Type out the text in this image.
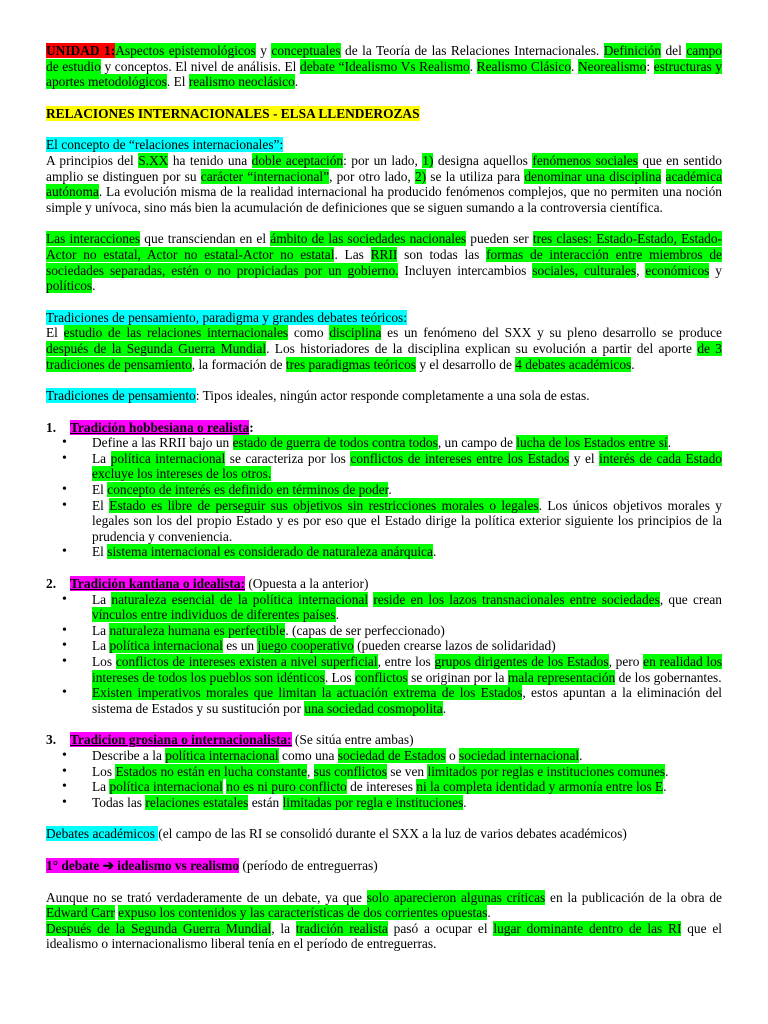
UNIDAD 1:Aspectos epistemológicos y conceptuales de la Teoría de las Relaciones Internacionales. Definición del campo de estudio y conceptos. El nivel de análisis. El debate “Idealismo Vs Realismo. Realismo Clásico. Neorealismo: estructuras y aportes metodológicos. El realismo neoclásico.

RELACIONES INTERNACIONALES - ELSA LLENDEROZAS

El concepto de “relaciones internacionales”:

A principios del S.XX ha tenido una doble aceptación: por un lado, 1) designa aquellos fenómenos sociales que en sentido amplio se distinguen por su carácter “internacional”, por otro lado, 2) se la utiliza para denominar una disciplina académica autónoma. La evolución misma de la realidad internacional ha producido fenómenos complejos, que no permiten una noción simple y unívoca, sino más bien la acumulación de definiciones que se siguen sumando a la controversia científica.

Las interacciones que transciendan en el ámbito de las sociedades nacionales pueden ser tres clases: Estado-Estado, Estado-Actor no estatal, Actor no estatal-Actor no estatal. Las RRII son todas las formas de interacción entre miembros de sociedades separadas, estén o no propiciadas por un gobierno. Incluyen intercambios sociales, culturales, económicos y políticos.

Tradiciones de pensamiento, paradigma y grandes debates teóricos:

El estudio de las relaciones internacionales como disciplina es un fenómeno del SXX y su pleno desarrollo se produce después de la Segunda Guerra Mundial. Los historiadores de la disciplina explican su evolución a partir del aporte de 3 tradiciones de pensamiento, la formación de tres paradigmas teóricos y el desarrollo de 4 debates académicos.

Tradiciones de pensamiento: Tipos ideales, ningún actor responde completamente a una sola de estas.

1.	Tradición hobbesiana o realista:

• Define a las RRII bajo un estado de guerra de todos contra todos, un campo de lucha de los Estados entre sí.
• La política internacional se caracteriza por los conflictos de intereses entre los Estados y el interés de cada Estado excluye los intereses de los otros.
• El concepto de interés es definido en términos de poder.
• El Estado es libre de perseguir sus objetivos sin restricciones morales o legales. Los únicos objetivos morales y legales son los del propio Estado y es por eso que el Estado dirige la política exterior siguiente los principios de la prudencia y conveniencia.
• El sistema internacional es considerado de naturaleza anárquica.
2.	Tradición kantiana o idealista: (Opuesta a la anterior)

• La naturaleza esencial de la política internacional reside en los lazos transnacionales entre sociedades, que crean vínculos entre individuos de diferentes países.
• La naturaleza humana es perfectible. (capas de ser perfeccionado)
• La política internacional es un juego cooperativo (pueden crearse lazos de solidaridad)
• Los conflictos de intereses existen a nivel superficial, entre los grupos dirigentes de los Estados, pero en realidad los intereses de todos los pueblos son idénticos. Los conflictos se originan por la mala representación de los gobernantes.
• Existen imperativos morales que limitan la actuación extrema de los Estados, estos apuntan a la eliminación del sistema de Estados y su sustitución por una sociedad cosmopolita.
3.	Tradicion grosiana o internacionalista: (Se sitúa entre ambas)

• Describe a la política internacional como una sociedad de Estados o sociedad internacional.
• Los Estados no están en lucha constante, sus conflictos se ven limitados por reglas e instituciones comunes.
• La política internacional no es ni puro conflicto de intereses ni la completa identidad y armonía entre los E.
• Todas las relaciones estatales están limitadas por regla e instituciones.

Debates académicos (el campo de las RI se consolidó durante el SXX a la luz de varios debates académicos)

1° debate ➔ idealismo vs realismo (período de entreguerras)

Aunque no se trató verdaderamente de un debate, ya que solo aparecieron algunas críticas en la publicación de la obra de Edward Carr expuso los contenidos y las características de dos corrientes opuestas.

Después de la Segunda Guerra Mundial, la tradición realista pasó a ocupar el lugar dominante dentro de las RI que el idealismo o internacionalismo liberal tenía en el período de entreguerras.
